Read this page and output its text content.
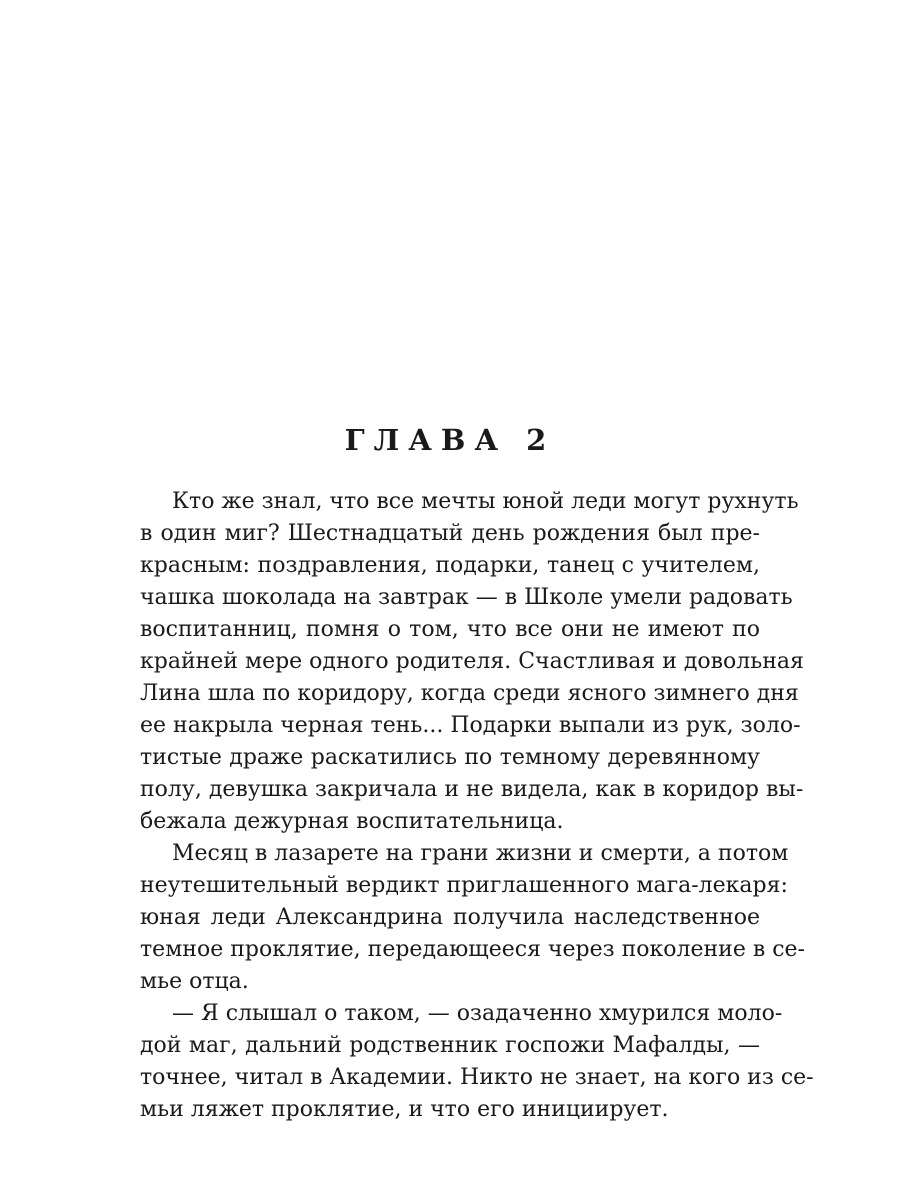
ГЛАВА 2
Кто же знал, что все мечты юной леди могут рухнуть
в один миг? Шестнадцатый день рождения был пре-
красным: поздравления, подарки, танец с учителем,
чашка шоколада на завтрак — в Школе умели радовать
воспитанниц, помня о том, что все они не имеют по
крайней мере одного родителя. Счастливая и довольная
Лина шла по коридору, когда среди ясного зимнего дня
ее накрыла черная тень... Подарки выпали из рук, золо-
тистые драже раскатились по темному деревянному
полу, девушка закричала и не видела, как в коридор вы-
бежала дежурная воспитательница.
Месяц в лазарете на грани жизни и смерти, а потом
неутешительный вердикт приглашенного мага-лекаря:
юная леди Александрина получила наследственное
темное проклятие, передающееся через поколение в се-
мье отца.
— Я слышал о таком, — озадаченно хмурился моло-
дой маг, дальний родственник госпожи Мафалды, —
точнее, читал в Академии. Никто не знает, на кого из се-
мьи ляжет проклятие, и что его инициирует.
